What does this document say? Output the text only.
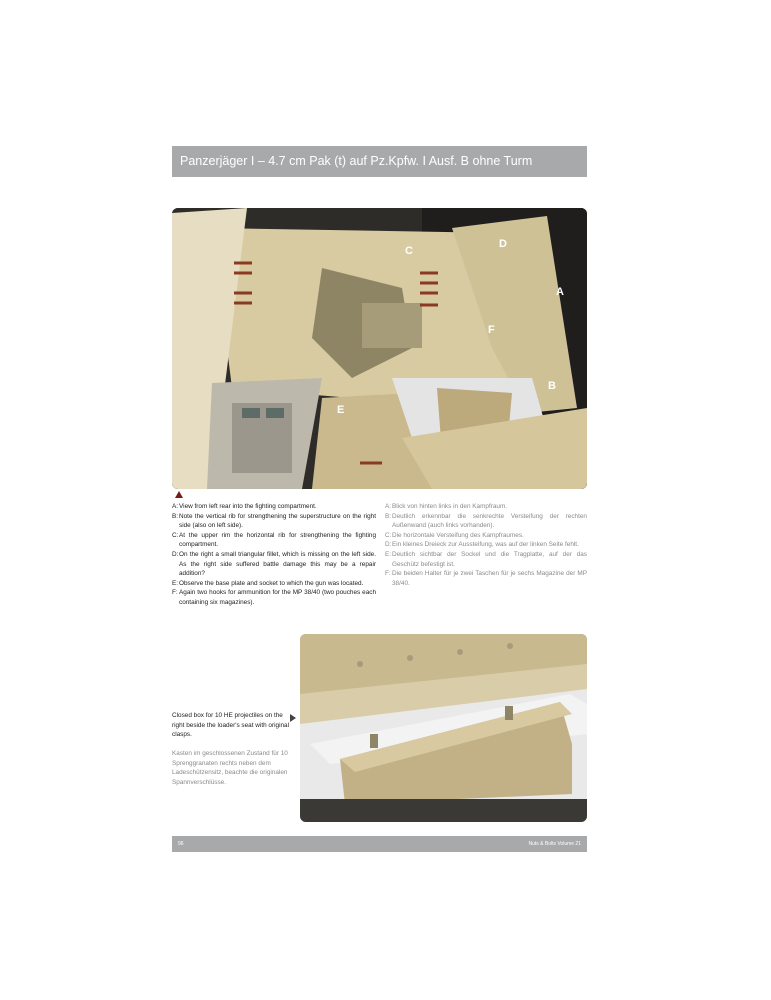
Panzerjäger I – 4.7 cm Pak (t) auf Pz.Kpfw. I Ausf. B ohne Turm
C
D
A
F
B
E
A: View from left rear into the fighting compartment.
B: Note the vertical rib for strengthening the superstructure on the right side (also on left side).
C: At the upper rim the horizontal rib for strengthening the fighting compartment.
D: On the right a small triangular fillet, which is missing on the left side. As the right side suffered battle damage this may be a repair addition?
E: Observe the base plate and socket to which the gun was located.
F: Again two hooks for ammunition for the MP 38/40 (two pouches each containing six magazines).
A: Blick von hinten links in den Kampfraum.
B: Deutlich erkennbar die senkrechte Versteifung der rechten Außenwand (auch links vorhanden).
C: Die horizontale Versteifung des Kampfraumes.
D: Ein kleines Dreieck zur Aussteifung, was auf der linken Seite fehlt.
E: Deutlich sichtbar der Sockel und die Tragplatte, auf der das Geschütz befestigt ist.
F: Die beiden Halter für je zwei Taschen für je sechs Magazine der MP 38/40.
Closed box for 10 HE projectiles on the right beside the loader's seat with original clasps.
Kasten im geschlossenen Zustand für 10 Sprenggranaten rechts neben dem Ladeschützensitz, beachte die originalen Spannverschlüsse.
96	Nuts & Bolts Volume 21
